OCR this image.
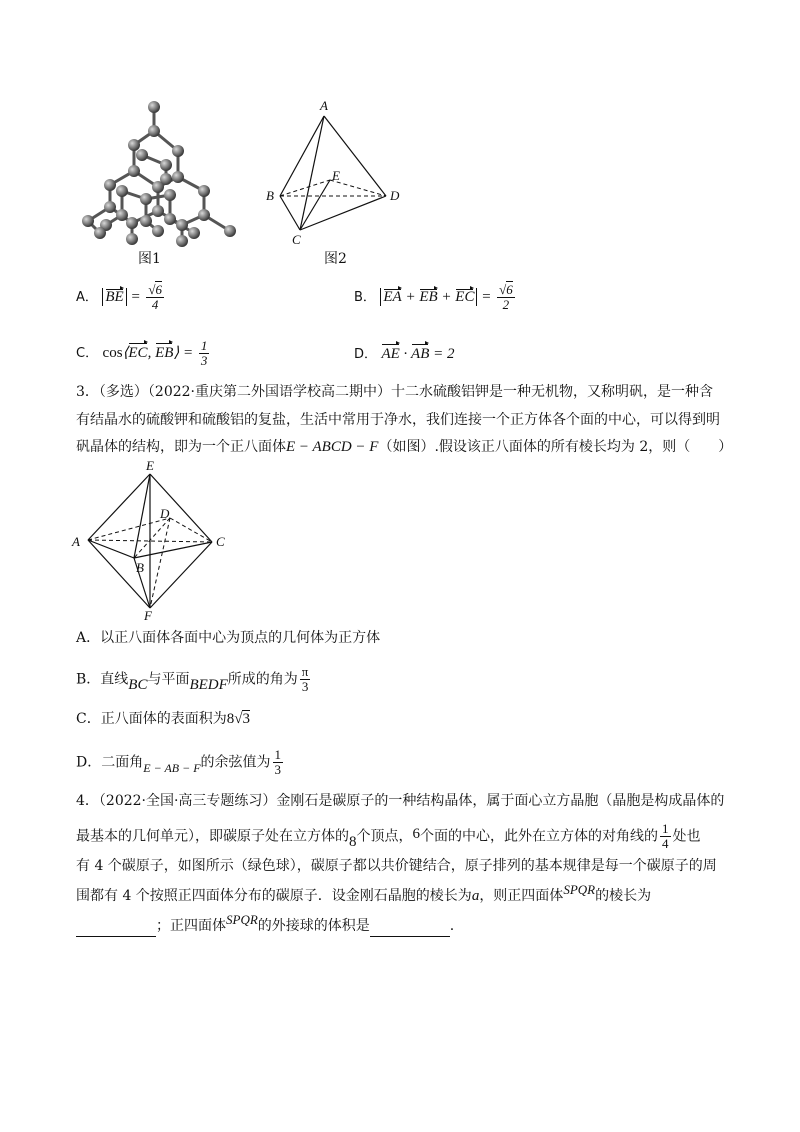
图1
A
B
C
D
E
图2
A． BE = √ $\frac{6}{4}$	B． EA + EB + EC = √ $\frac{6}{2}$
C． cos⟨EC, EB⟩ = $\frac{1}{3}$	D． AE · AB = 2
3．（多选）（2022·重庆第二外国语学校高二期中）十二水硫酸铝钾是一种无机物，又称明矾，是一种含
有结晶水的硫酸钾和硫酸铝的复盐，生活中常用于净水，我们连接一个正方体各个面的中心，可以得到明
矾晶体的结构，即为一个正八面体E − ABCD − F（如图）.假设该正八面体的所有棱长均为 2，则（　　）
E
D
A	C
B
F
A．以正八面体各面中心为顶点的几何体为正方体
B．直线BC与平面BEDF所成的角为 $\frac{\pi}{3}$
C．正八面体的表面积为8 √ 3
D．二面角E − AB − F的余弦值为 $\frac{1}{3}$
4．（2022·全国·高三专题练习）金刚石是碳原子的一种结构晶体，属于面心立方晶胞（晶胞是构成晶体的
最基本的几何单元），即碳原子处在立方体的8个顶点，6个面的中心，此外在立方体的对角线的 $\frac{1}{4}$ 处也
有 4 个碳原子，如图所示（绿色球），碳原子都以共价键结合，原子排列的基本规律是每一个碳原子的周
围都有 4 个按照正四面体分布的碳原子．设金刚石晶胞的棱长为a，则正四面体SPQR的棱长为
；正四面体SPQR的外接球的体积是	.
